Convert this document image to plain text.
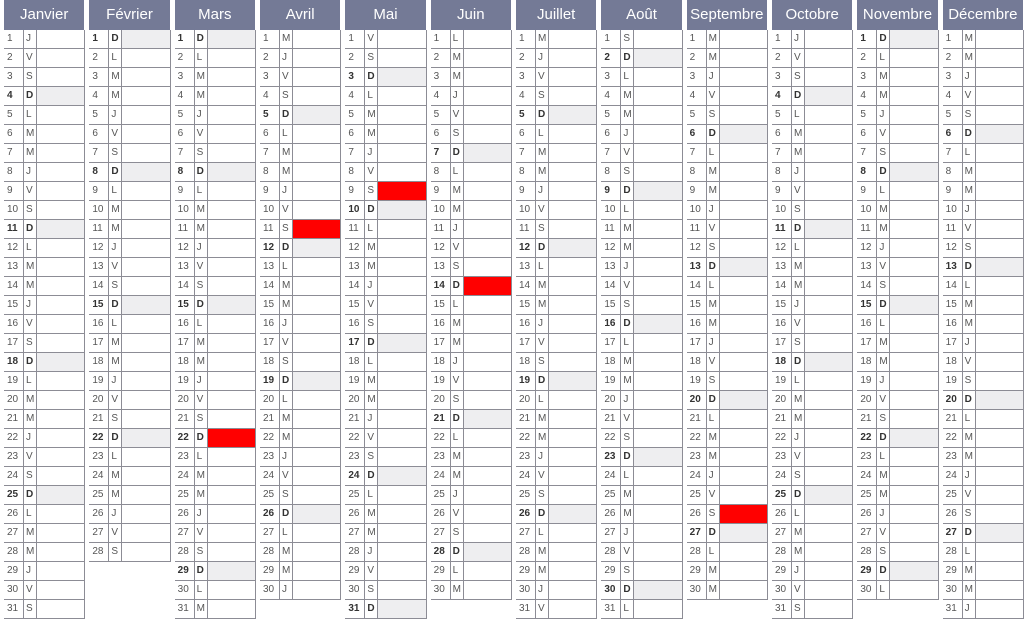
Janvier
1	J
2	V
3	S
4	D
5	L
6	M
7	M
8	J
9	V
10 S
11 D
12 L
13 M
14 M
15 J
16 V
17 S
18 D
19 L
20 M
21 M
22 J
23 V
24 S
25 D
26 L
27 M
28 M
29 J
30 V
31 S
Février
1	D
2	L
3	M
4	M
5	J
6	V
7	S
8	D
9	L
10 M
11 M
12 J
13 V
14 S
15 D
16 L
17 M
18 M
19 J
20 V
21 S
22 D
23 L
24 M
25 M
26 J
27 V
28 S
Mars
1	D
2	L
3	M
4	M
5	J
6	V
7	S
8	D
9	L
10 M
11 M
12 J
13 V
14 S
15 D
16 L
17 M
18 M
19 J
20 V
21 S
22 D
23 L
24 M
25 M
26 J
27 V
28 S
29 D
30 L
31 M
Avril
1	M
2	J
3	V
4	S
5	D
6	L
7	M
8	M
9	J
10 V
11 S
12 D
13 L
14 M
15 M
16 J
17 V
18 S
19 D
20 L
21 M
22 M
23 J
24 V
25 S
26 D
27 L
28 M
29 M
30 J
Mai
1	V
2	S
3	D
4	L
5	M
6	M
7	J
8	V
9	S
10 D
11 L
12 M
13 M
14 J
15 V
16 S
17 D
18 L
19 M
20 M
21 J
22 V
23 S
24 D
25 L
26 M
27 M
28 J
29 V
30 S
31 D
Juin
1	L
2	M
3	M
4	J
5	V
6	S
7	D
8	L
9	M
10 M
11 J
12 V
13 S
14 D
15 L
16 M
17 M
18 J
19 V
20 S
21 D
22 L
23 M
24 M
25 J
26 V
27 S
28 D
29 L
30 M
Juillet
1	M
2	J
3	V
4	S
5	D
6	L
7	M
8	M
9	J
10 V
11 S
12 D
13 L
14 M
15 M
16 J
17 V
18 S
19 D
20 L
21 M
22 M
23 J
24 V
25 S
26 D
27 L
28 M
29 M
30 J
31 V
Août
1	S
2	D
3	L
4	M
5	M
6	J
7	V
8	S
9	D
10 L
11 M
12 M
13 J
14 V
15 S
16 D
17 L
18 M
19 M
20 J
21 V
22 S
23 D
24 L
25 M
26 M
27 J
28 V
29 S
30 D
31 L
Septembre
1	M
2	M
3	J
4	V
5	S
6	D
7	L
8	M
9	M
10 J
11 V
12 S
13 D
14 L
15 M
16 M
17 J
18 V
19 S
20 D
21 L
22 M
23 M
24 J
25 V
26 S
27 D
28 L
29 M
30 M
Octobre
1	J
2	V
3	S
4	D
5	L
6	M
7	M
8	J
9	V
10 S
11 D
12 L
13 M
14 M
15 J
16 V
17 S
18 D
19 L
20 M
21 M
22 J
23 V
24 S
25 D
26 L
27 M
28 M
29 J
30 V
31 S
Novembre
1	D
2	L
3	M
4	M
5	J
6	V
7	S
8	D
9	L
10 M
11 M
12 J
13 V
14 S
15 D
16 L
17 M
18 M
19 J
20 V
21 S
22 D
23 L
24 M
25 M
26 J
27 V
28 S
29 D
30 L
Décembre
1	M
2	M
3	J
4	V
5	S
6	D
7	L
8	M
9	M
10 J
11 V
12 S
13 D
14 L
15 M
16 M
17 J
18 V
19 S
20 D
21 L
22 M
23 M
24 J
25 V
26 S
27 D
28 L
29 M
30 M
31 J
